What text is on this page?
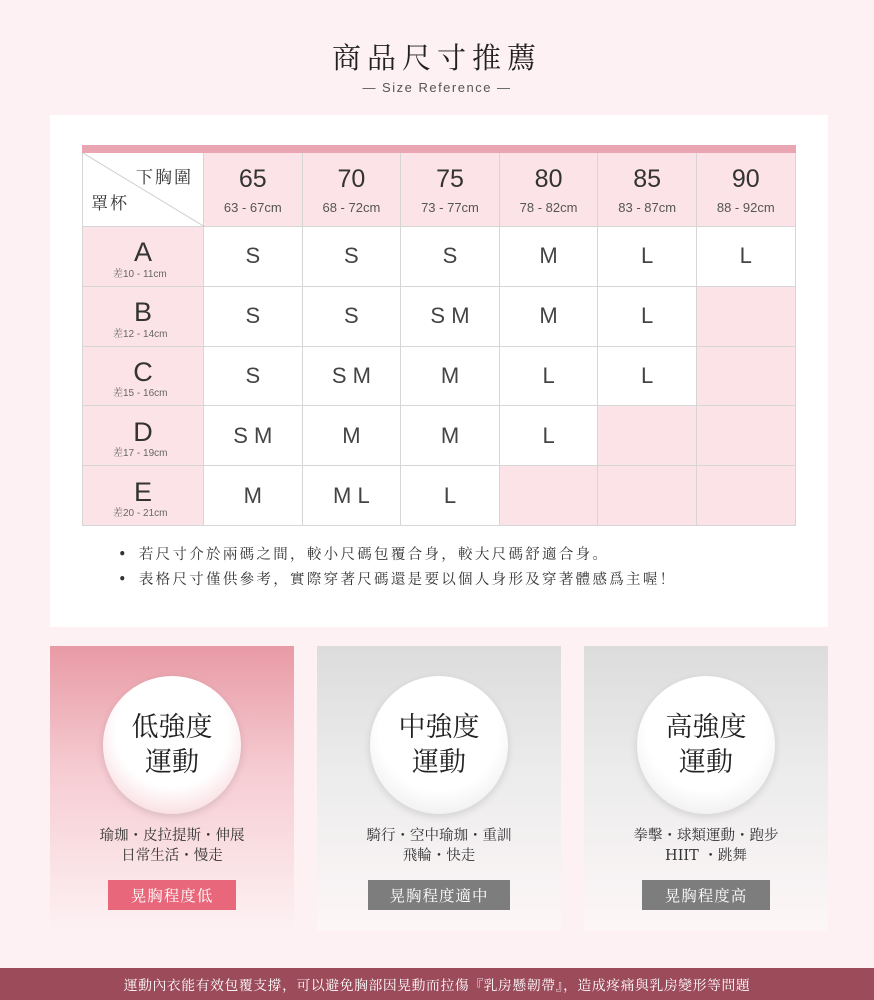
商品尺寸推薦
— Size Reference —
下胸圍
罩杯
65
63 - 67cm
70
68 - 72cm
75
73 - 77cm
80
78 - 82cm
85
83 - 87cm
90
88 - 92cm
A
差10 - 11cm
S	S	S	M	L	L
B
差12 - 14cm
S	S	S M	M	L
C
差15 - 16cm
S	S M	M	L	L
D
差17 - 19cm
S M	M	M	L
E
差20 - 21cm
M	M L	L
• 若尺寸介於兩碼之間，較小尺碼包覆合身，較大尺碼舒適合身。
• 表格尺寸僅供參考，實際穿著尺碼還是要以個人身形及穿著體感爲主喔！
低強度
運動
瑜珈・皮拉提斯・伸展
日常生活・慢走
晃胸程度低
中強度
運動
騎行・空中瑜珈・重訓
飛輪・快走
晃胸程度適中
高強度
運動
拳擊・球類運動・跑步
HIIT ・跳舞
晃胸程度高
運動內衣能有效包覆支撐，可以避免胸部因晃動而拉傷『乳房懸韌帶』，造成疼痛與乳房變形等問題
